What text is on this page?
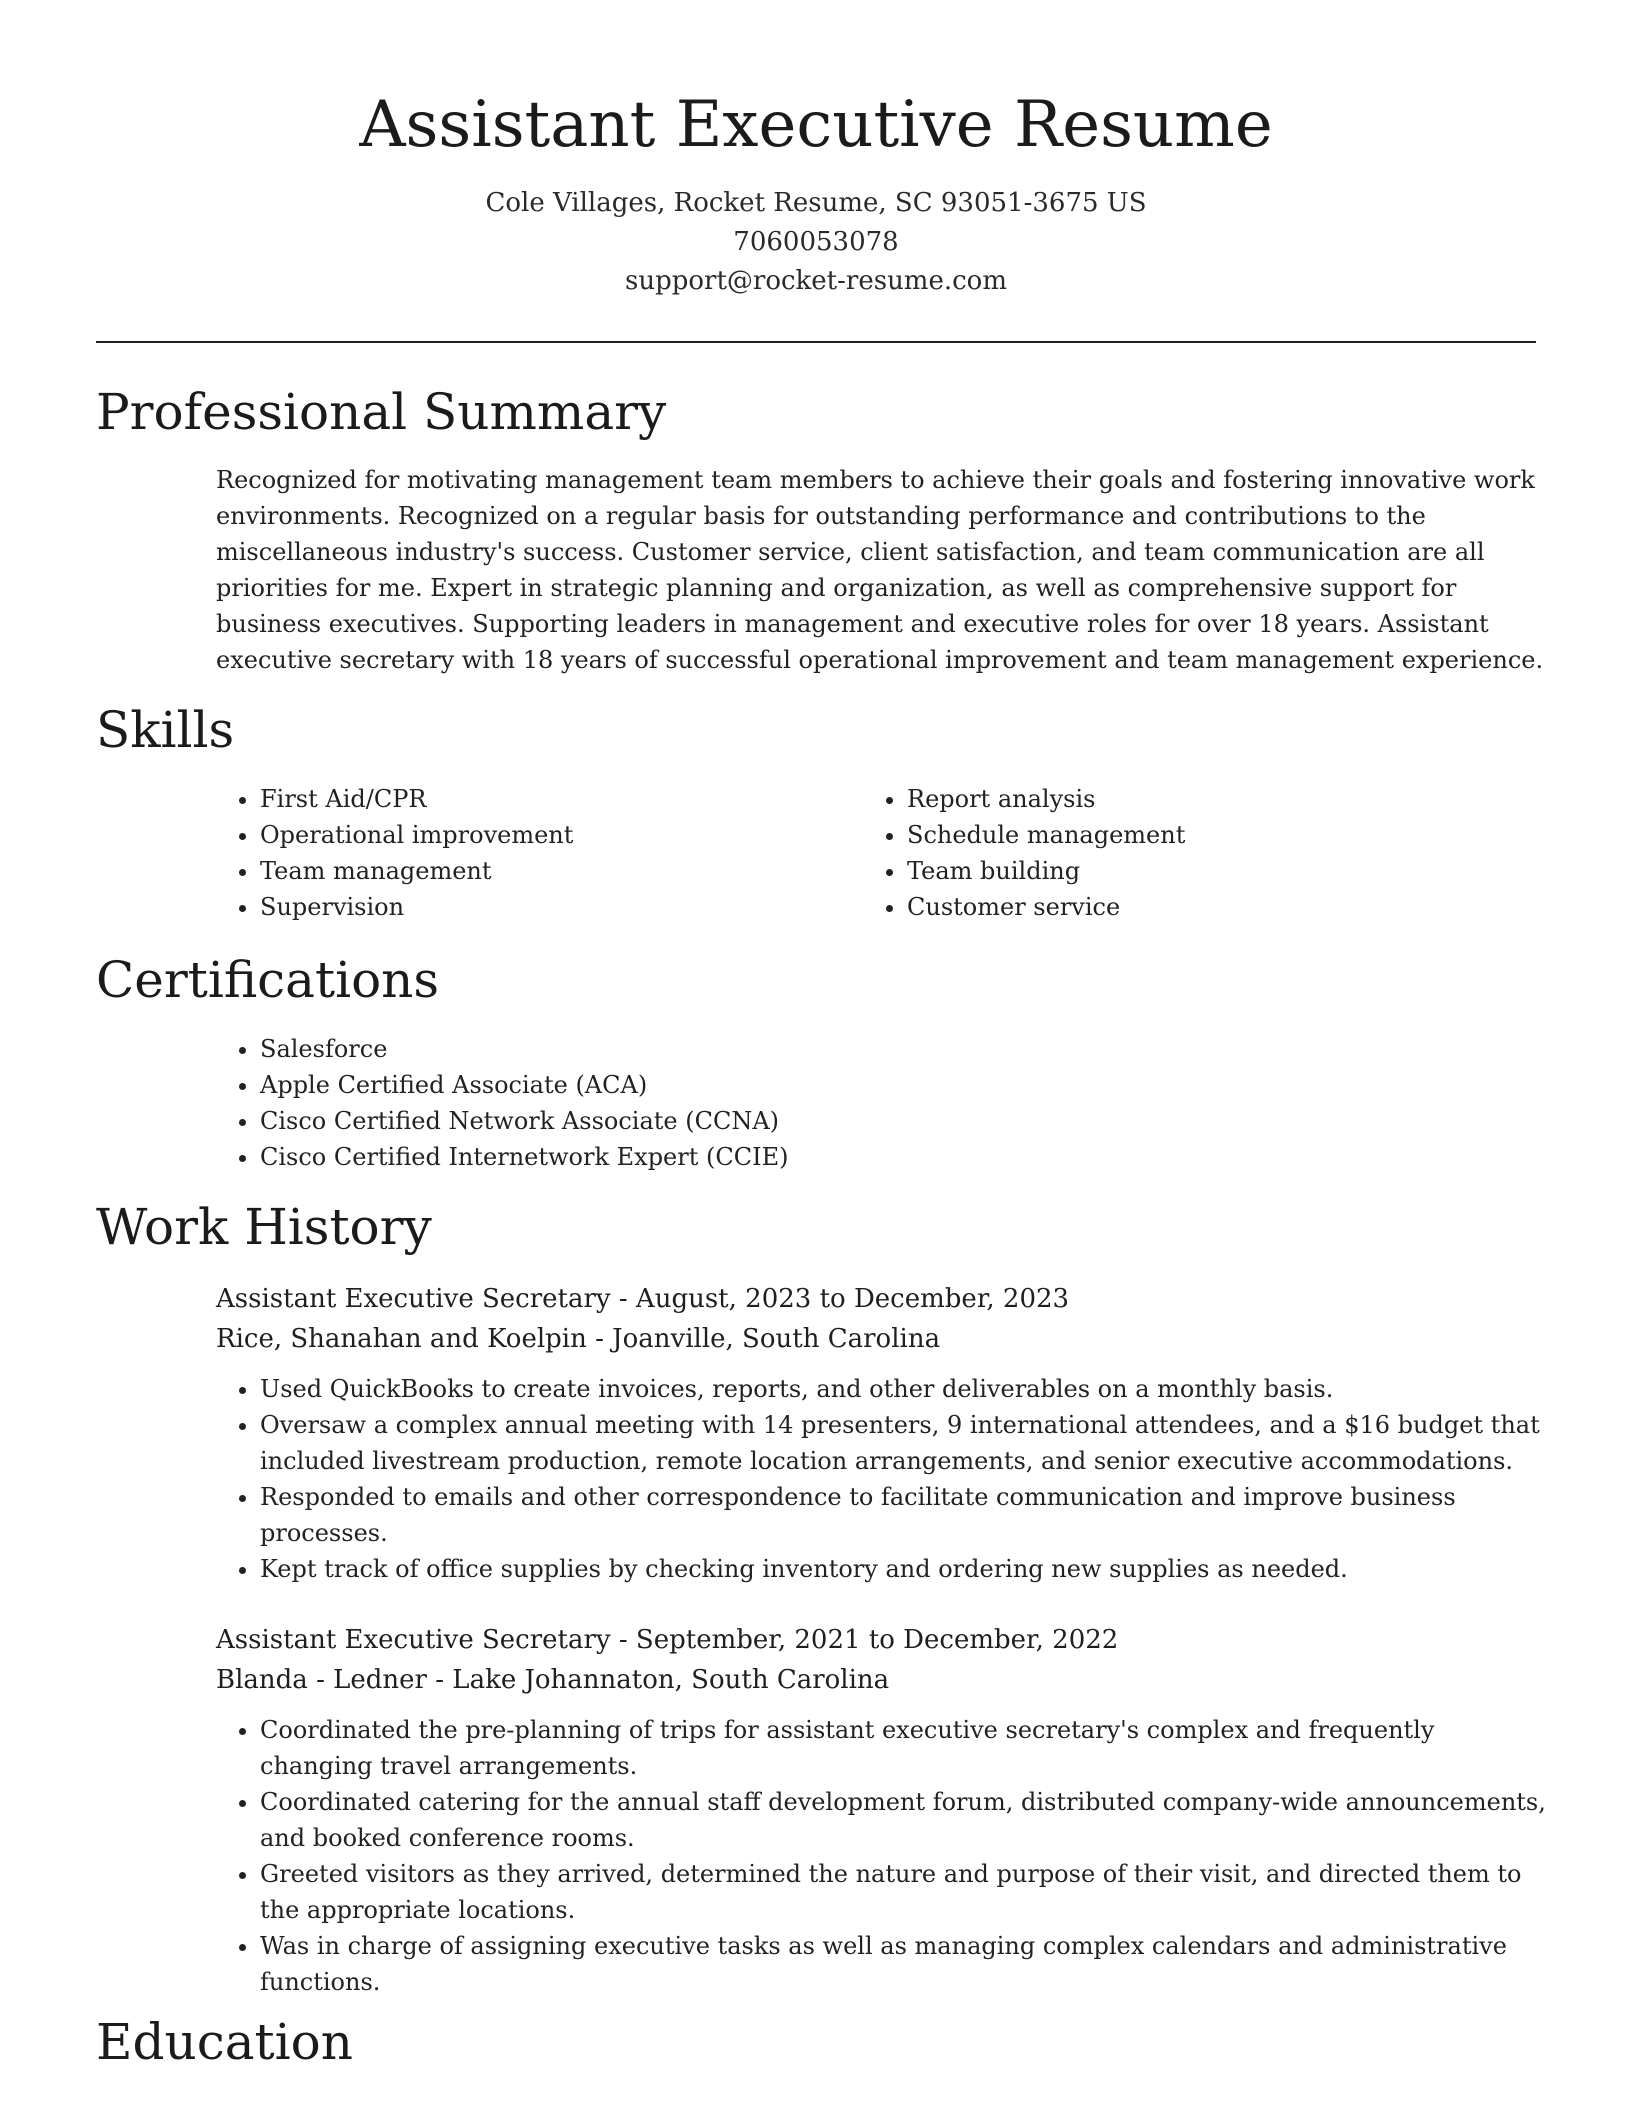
Assistant Executive Resume
Cole Villages, Rocket Resume, SC 93051-3675 US
7060053078
support@rocket-resume.com
Professional Summary

Recognized for motivating management team members to achieve their goals and fostering innovative work environments. Recognized on a regular basis for outstanding performance and contributions to the miscellaneous industry's success. Customer service, client satisfaction, and team communication are all priorities for me. Expert in strategic planning and organization, as well as comprehensive support for business executives. Supporting leaders in management and executive roles for over 18 years. Assistant executive secretary with 18 years of successful operational improvement and team management experience.

Skills
• First Aid/CPR
• Operational improvement
• Team management
• Supervision
• Report analysis
• Schedule management
• Team building
• Customer service
Certifications
• Salesforce
• Apple Certified Associate (ACA)
• Cisco Certified Network Associate (CCNA)
• Cisco Certified Internetwork Expert (CCIE)
Work History
Assistant Executive Secretary - August, 2023 to December, 2023
Rice, Shanahan and Koelpin - Joanville, South Carolina
• Used QuickBooks to create invoices, reports, and other deliverables on a monthly basis.
• Oversaw a complex annual meeting with 14 presenters, 9 international attendees, and a $16 budget that included livestream production, remote location arrangements, and senior executive accommodations.
• Responded to emails and other correspondence to facilitate communication and improve business processes.
• Kept track of office supplies by checking inventory and ordering new supplies as needed.
Assistant Executive Secretary - September, 2021 to December, 2022
Blanda - Ledner - Lake Johannaton, South Carolina
• Coordinated the pre-planning of trips for assistant executive secretary's complex and frequently changing travel arrangements.
• Coordinated catering for the annual staff development forum, distributed company-wide announcements, and booked conference rooms.
• Greeted visitors as they arrived, determined the nature and purpose of their visit, and directed them to the appropriate locations.
• Was in charge of assigning executive tasks as well as managing complex calendars and administrative functions.
Education
